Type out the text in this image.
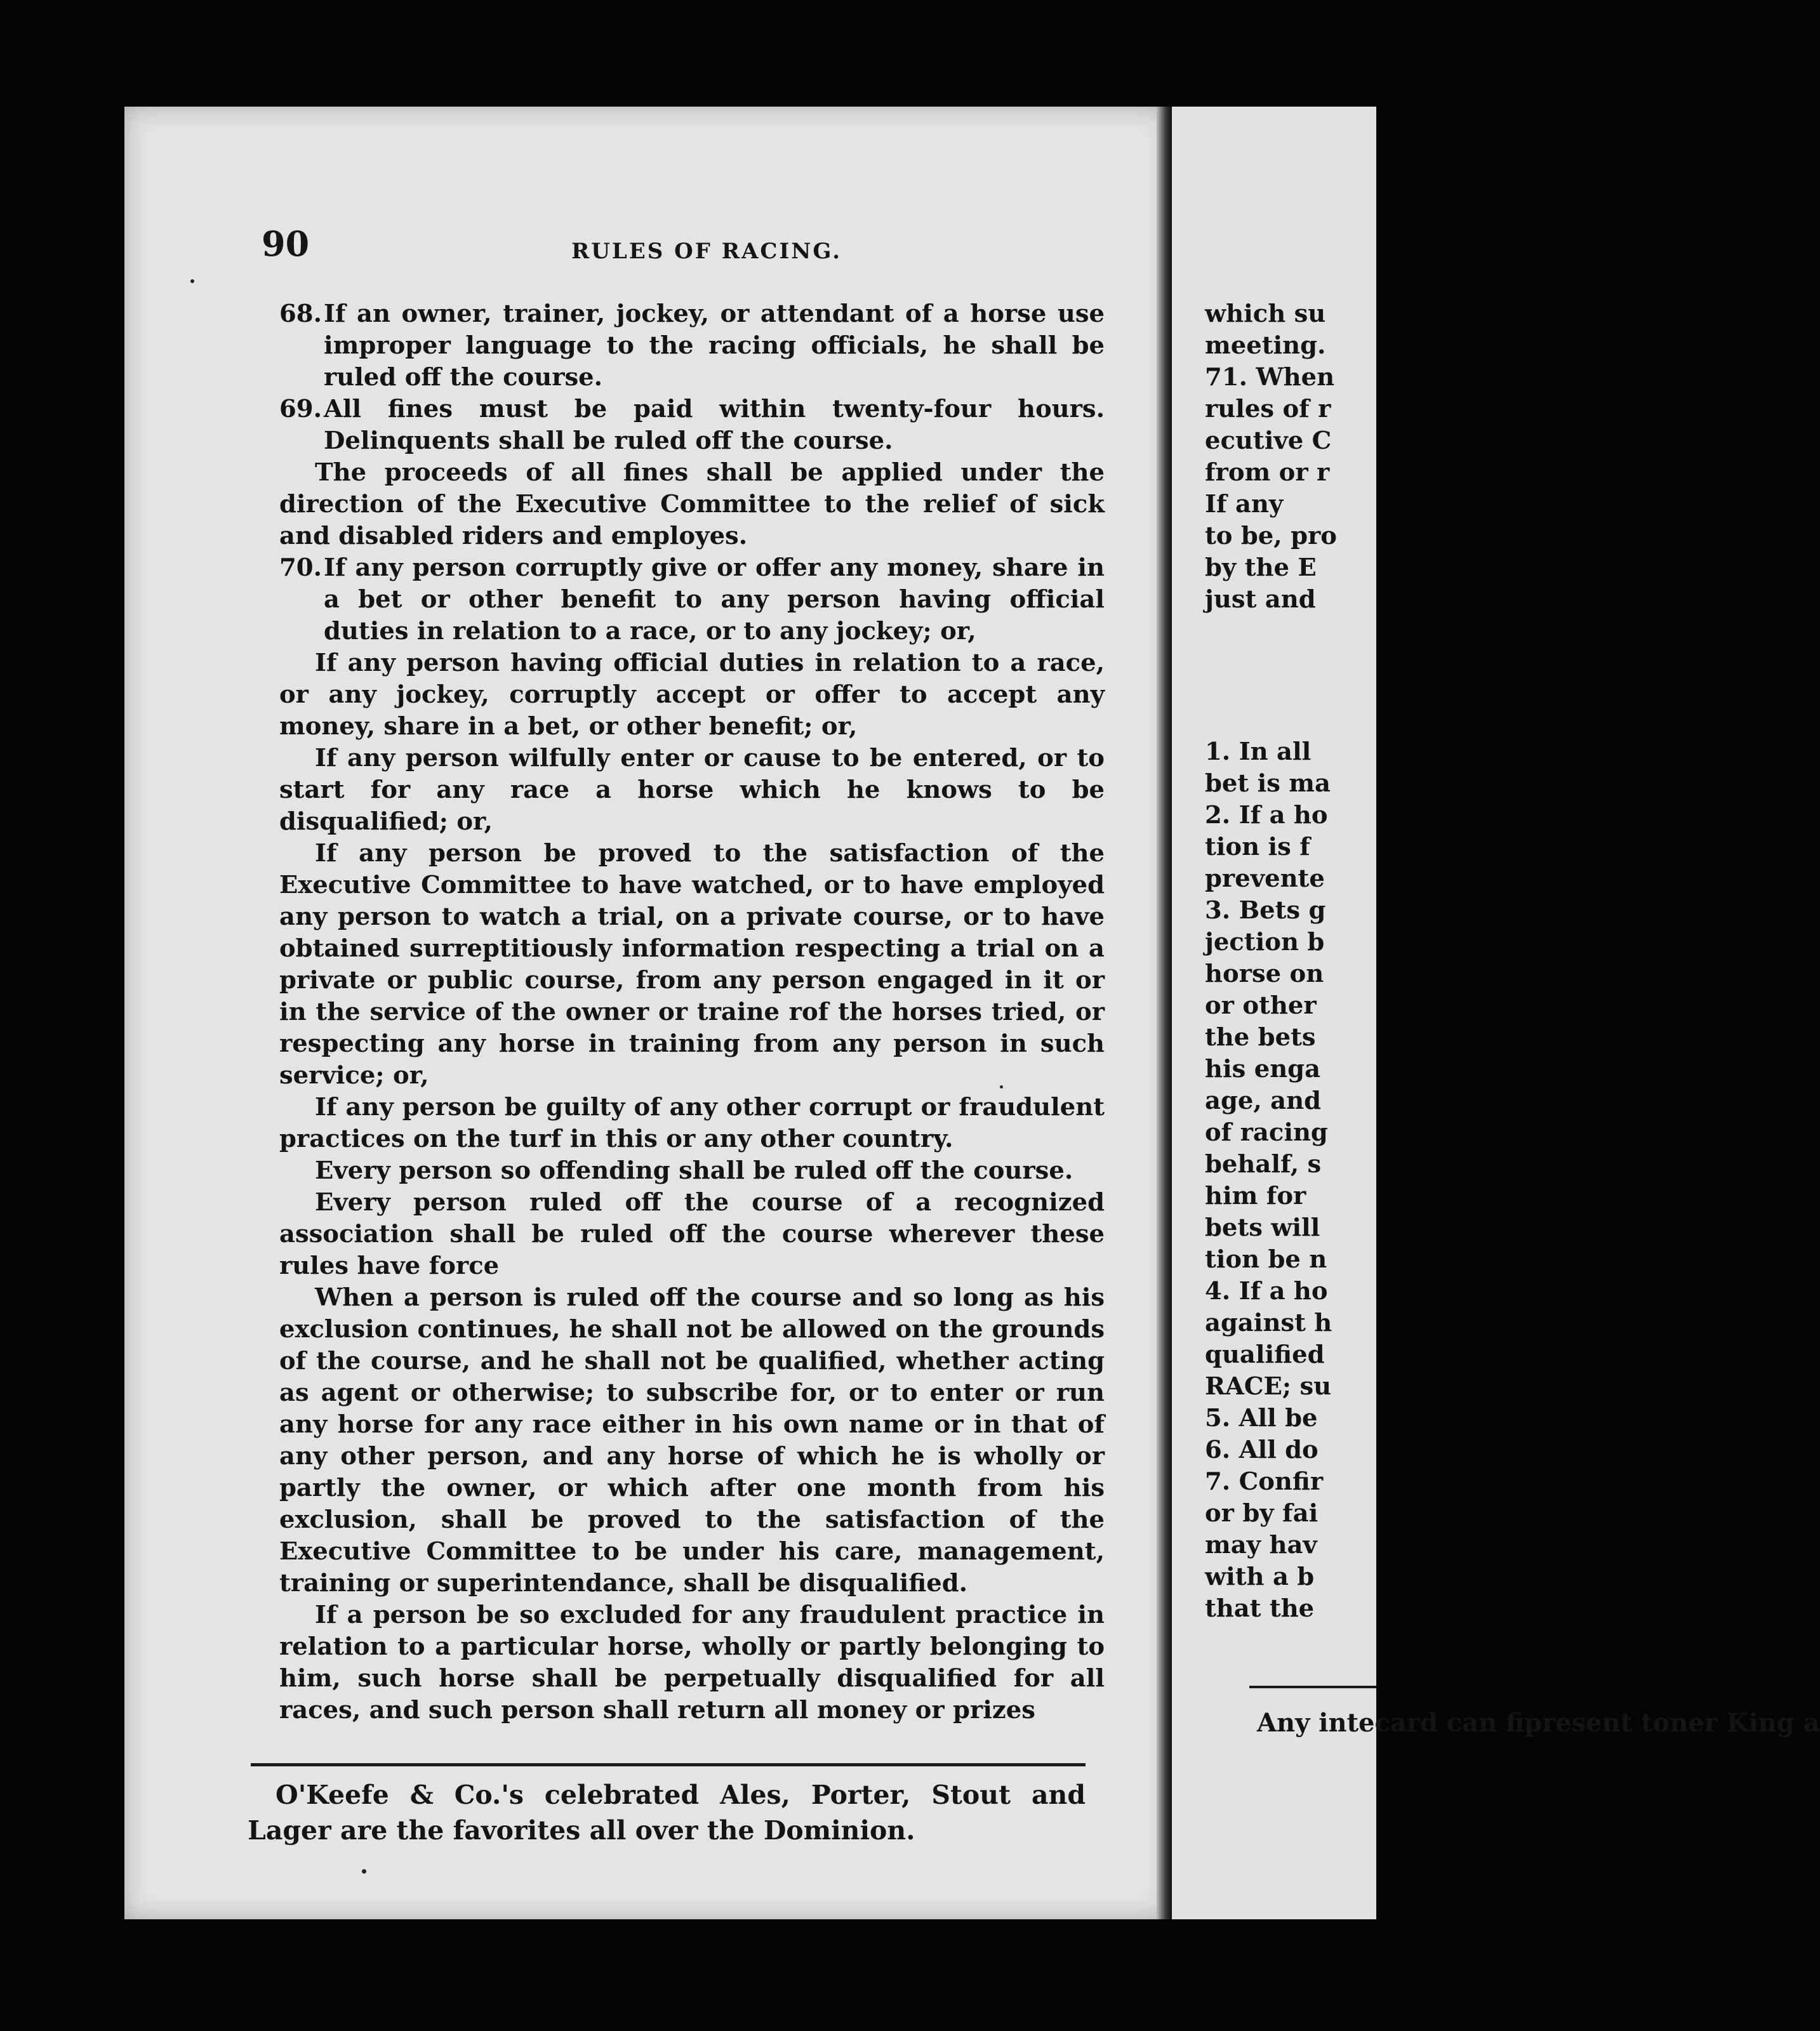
90	RULES OF RACING.

68.If an owner, trainer, jockey, or attendant of a horse use improper language to the racing officials, he shall be ruled off the course.

69.All fines must be paid within twenty-four hours. Delinquents shall be ruled off the course.

The proceeds of all fines shall be applied under the direction of the Executive Committee to the relief of sick and disabled riders and employes.

70.If any person corruptly give or offer any money, share in a bet or other benefit to any person having official duties in relation to a race, or to any jockey; or,

If any person having official duties in relation to a race, or any jockey, corruptly accept or offer to accept any money, share in a bet, or other benefit; or,

If any person wilfully enter or cause to be entered, or to start for any race a horse which he knows to be disqualified; or,

If any person be proved to the satisfaction of the Executive Committee to have watched, or to have employed any person to watch a trial, on a private course, or to have obtained surreptitiously information respecting a trial on a private or public course, from any person engaged in it or in the service of the owner or traine rof the horses tried, or respecting any horse in training from any person in such service; or,

If any person be guilty of any other corrupt or fraudulent practices on the turf in this or any other country.

Every person so offending shall be ruled off the course.

Every person ruled off the course of a recognized association shall be ruled off the course wherever these rules have force

When a person is ruled off the course and so long as his exclusion continues, he shall not be allowed on the grounds of the course, and he shall not be qualified, whether acting as agent or otherwise; to subscribe for, or to enter or run any horse for any race either in his own name or in that of any other person, and any horse of which he is wholly or partly the owner, or which after one month from his exclusion, shall be proved to the satisfaction of the Executive Committee to be under his care, management, training or superintendance, shall be disqualified.

If a person be so excluded for any fraudulent practice in relation to a particular horse, wholly or partly belonging to him, such horse shall be perpetually disqualified for all races, and such person shall return all money or prizes

O'Keefe & Co.'s celebrated Ales, Porter, Stout and Lager are the favorites all over the Dominion.
which su
meeting.
71. When
rules of r
ecutive C
from or r
If any
to be, pro
by the E
just and
1. In all
bet is ma
2. If a ho
tion is f
prevente
3. Bets g
jection b
horse on
or other
the bets
his enga
age, and
of racing
behalf, s
him for
bets will
tion be n
4. If a ho
against h
qualified
RACE; su
5. All be
6. All do
7. Confir
or by fai
may hav
with a b
that the
Any intecard can fipresent toner King a
